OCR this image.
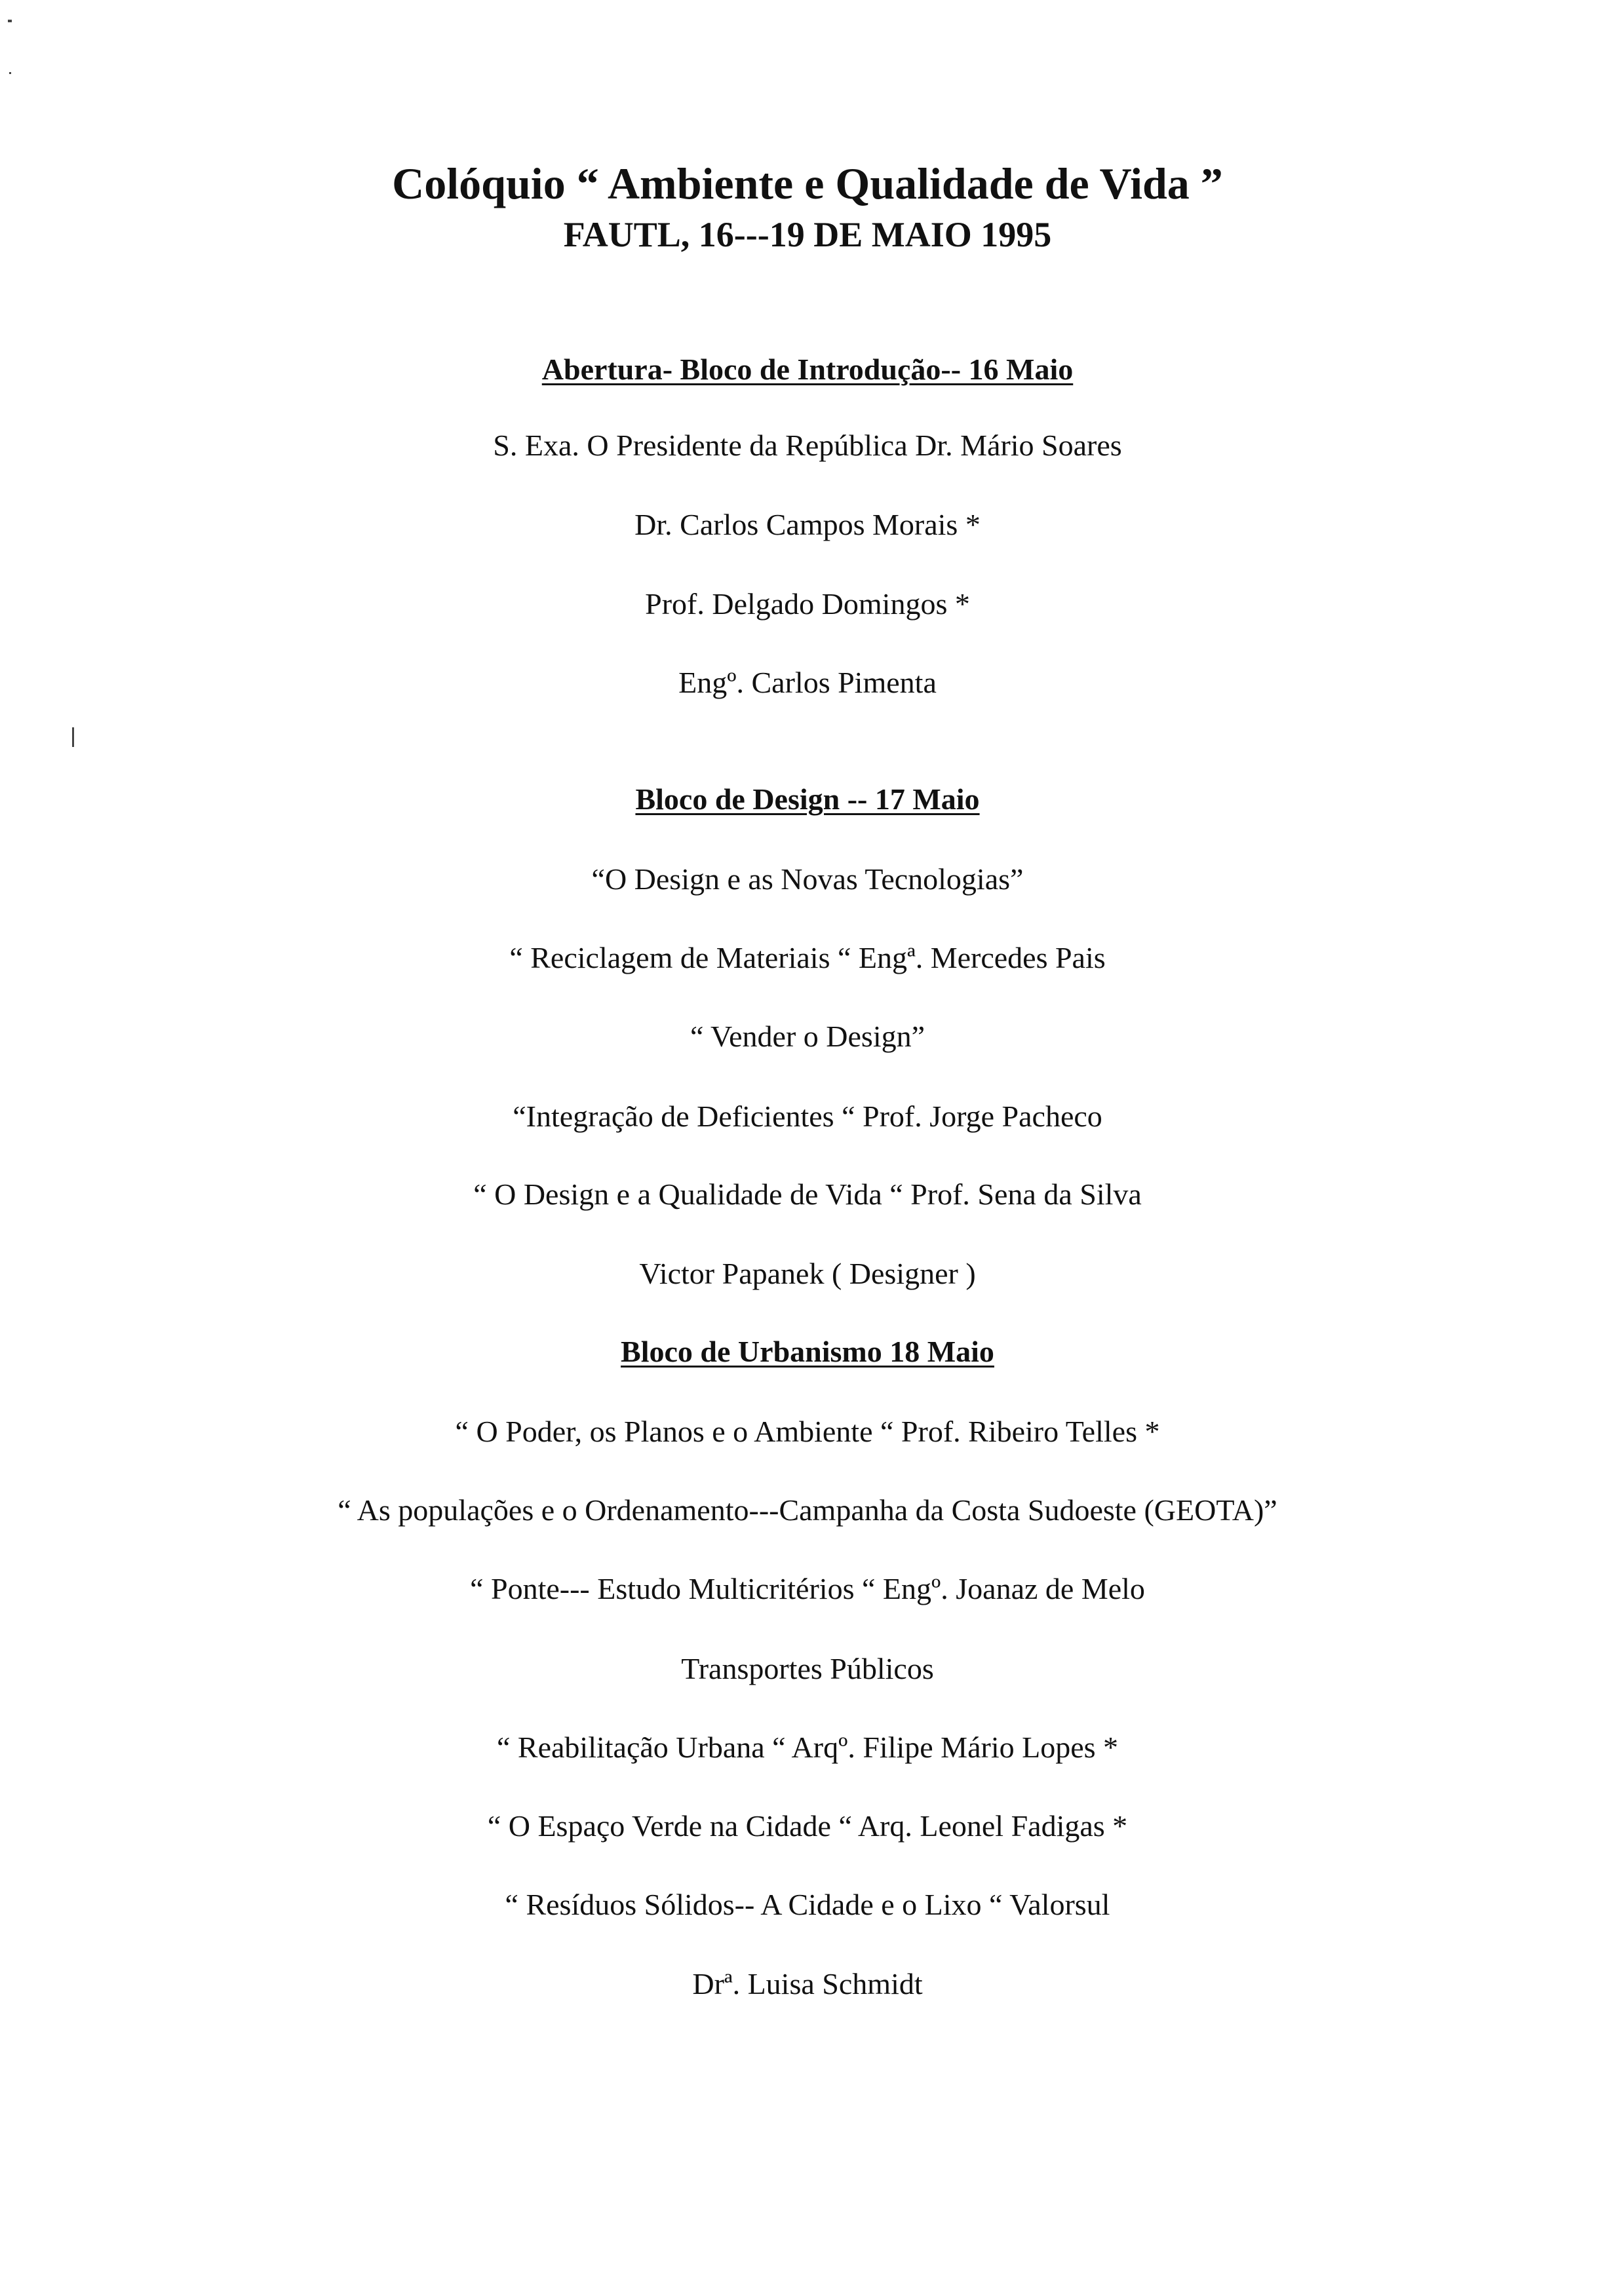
Colóquio “ Ambiente e Qualidade de Vida ”
FAUTL, 16---19 DE MAIO 1995
Abertura- Bloco de Introdução-- 16 Maio
S. Exa. O Presidente da República Dr. Mário Soares
Dr. Carlos Campos Morais *
Prof. Delgado Domingos *
Engº. Carlos Pimenta
Bloco de Design -- 17 Maio
“O Design e as Novas Tecnologias”
“ Reciclagem de Materiais “ Engª. Mercedes Pais
“ Vender o Design”
“Integração de Deficientes “ Prof. Jorge Pacheco
“ O Design e a Qualidade de Vida “ Prof. Sena da Silva
Victor Papanek ( Designer )
Bloco de Urbanismo 18 Maio
“ O Poder, os Planos e o Ambiente “ Prof. Ribeiro Telles *
“ As populações e o Ordenamento---Campanha da Costa Sudoeste (GEOTA)”
“ Ponte--- Estudo Multicritérios “ Engº. Joanaz de Melo
Transportes Públicos
“ Reabilitação Urbana “ Arqº. Filipe Mário Lopes *
“ O Espaço Verde na Cidade “ Arq. Leonel Fadigas *
“ Resíduos Sólidos-- A Cidade e o Lixo “ Valorsul
Drª. Luisa Schmidt
